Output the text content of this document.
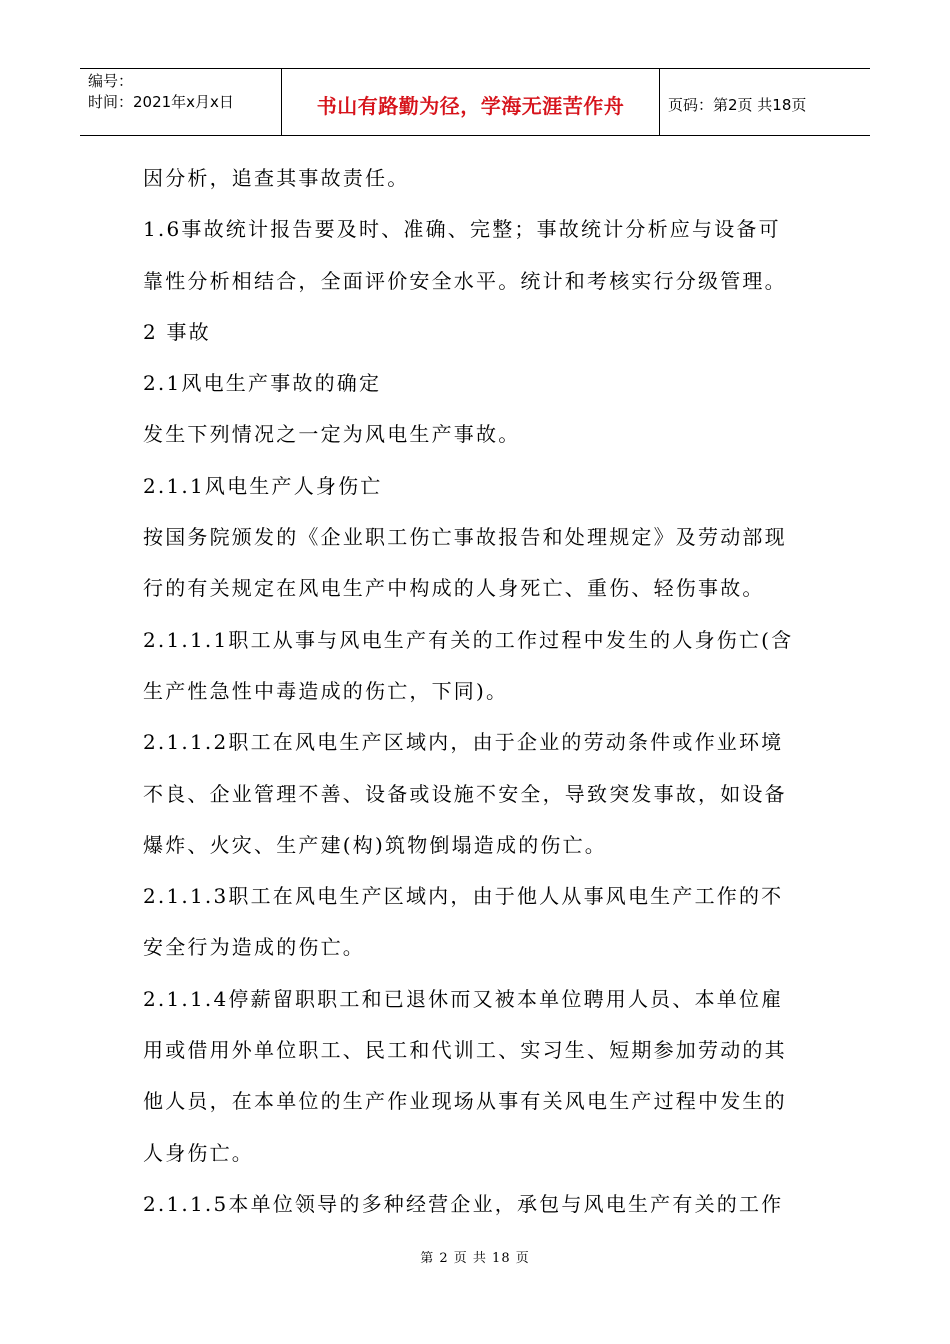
编号：
时间：2021年x月x日	书山有路勤为径，学海无涯苦作舟	页码：第2页 共18页
因分析，追查其事故责任。
1.6事故统计报告要及时、准确、完整；事故统计分析应与设备可
靠性分析相结合，全面评价安全水平。统计和考核实行分级管理。
2 事故
2.1风电生产事故的确定
发生下列情况之一定为风电生产事故。
2.1.1风电生产人身伤亡
按国务院颁发的《企业职工伤亡事故报告和处理规定》及劳动部现
行的有关规定在风电生产中构成的人身死亡、重伤、轻伤事故。
2.1.1.1职工从事与风电生产有关的工作过程中发生的人身伤亡(含
生产性急性中毒造成的伤亡，下同)。
2.1.1.2职工在风电生产区域内，由于企业的劳动条件或作业环境
不良、企业管理不善、设备或设施不安全，导致突发事故，如设备
爆炸、火灾、生产建(构)筑物倒塌造成的伤亡。
2.1.1.3职工在风电生产区域内，由于他人从事风电生产工作的不
安全行为造成的伤亡。
2.1.1.4停薪留职职工和已退休而又被本单位聘用人员、本单位雇
用或借用外单位职工、民工和代训工、实习生、短期参加劳动的其
他人员，在本单位的生产作业现场从事有关风电生产过程中发生的
人身伤亡。
2.1.1.5本单位领导的多种经营企业，承包与风电生产有关的工作
第 2 页 共 18 页
